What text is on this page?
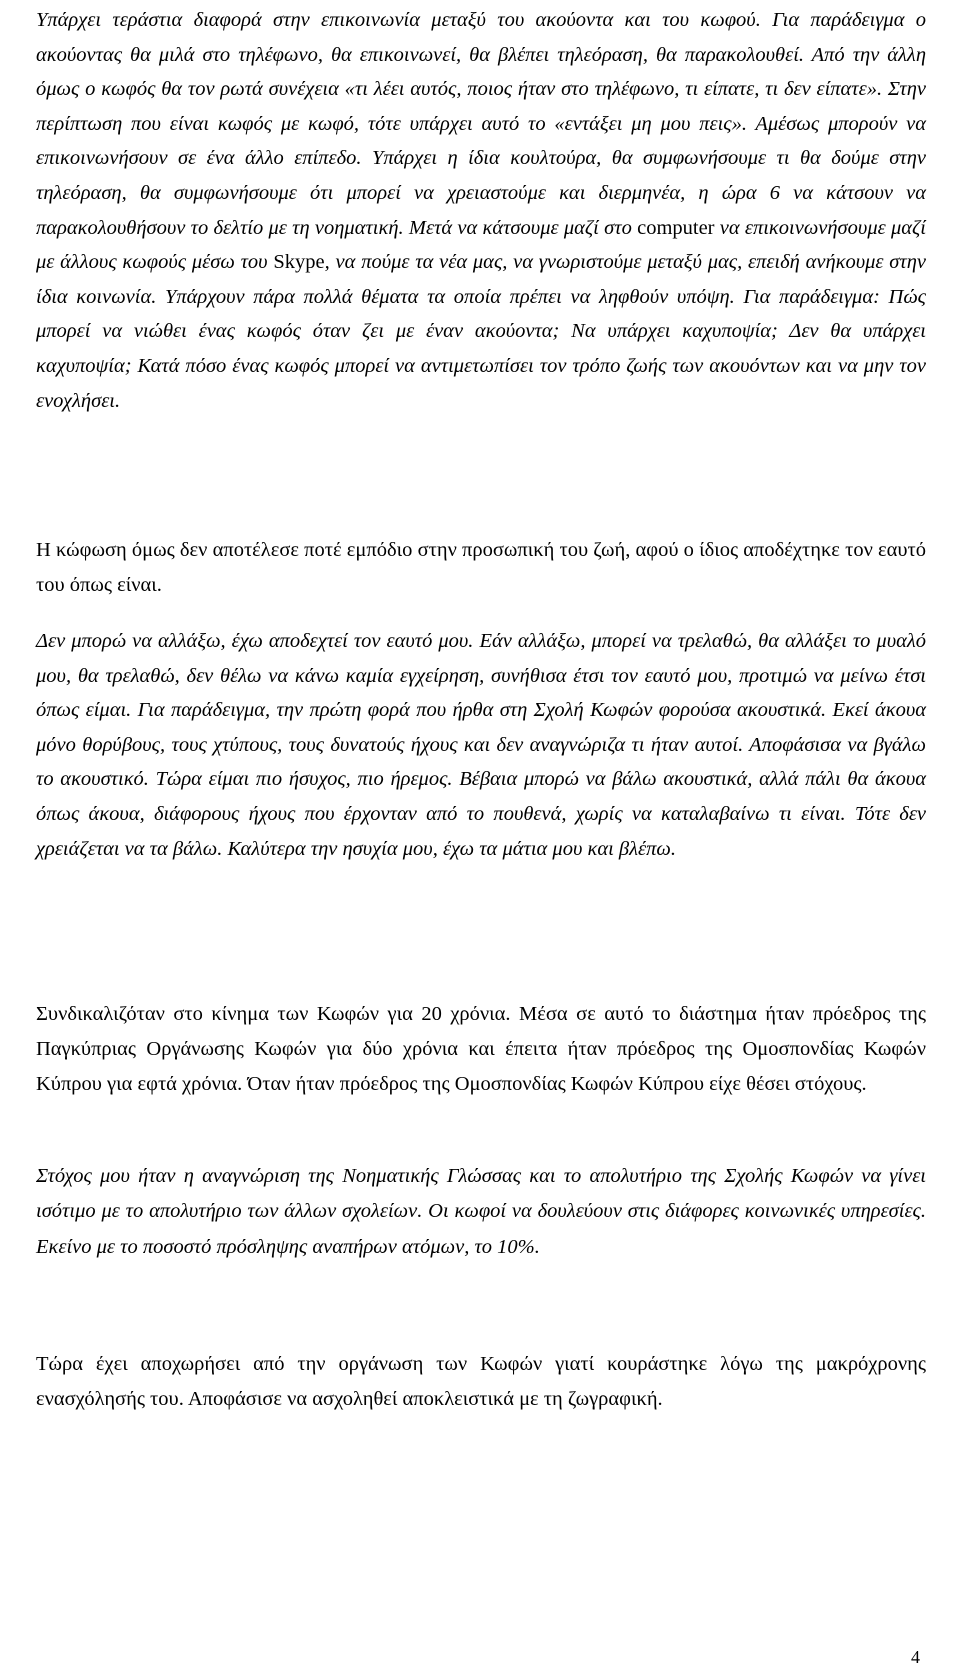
Υπάρχει τεράστια διαφορά στην επικοινωνία μεταξύ του ακούοντα και του κωφού. Για παράδειγμα ο ακούοντας θα μιλά στο τηλέφωνο, θα επικοινωνεί, θα βλέπει τηλεόραση, θα παρακολουθεί. Από την άλλη όμως ο κωφός θα τον ρωτά συνέχεια «τι λέει αυτός, ποιος ήταν στο τηλέφωνο, τι είπατε, τι δεν είπατε». Στην περίπτωση που είναι κωφός με κωφό, τότε υπάρχει αυτό το «εντάξει μη μου πεις». Αμέσως μπορούν να επικοινωνήσουν σε ένα άλλο επίπεδο. Υπάρχει η ίδια κουλτούρα, θα συμφωνήσουμε τι θα δούμε στην τηλεόραση, θα συμφωνήσουμε ότι μπορεί να χρειαστούμε και διερμηνέα, η ώρα 6 να κάτσουν να παρακολουθήσουν το δελτίο με τη νοηματική. Μετά να κάτσουμε μαζί στο computer να επικοινωνήσουμε μαζί με άλλους κωφούς μέσω του Skype, να πούμε τα νέα μας, να γνωριστούμε μεταξύ μας, επειδή ανήκουμε στην ίδια κοινωνία. Υπάρχουν πάρα πολλά θέματα τα οποία πρέπει να ληφθούν υπόψη. Για παράδειγμα: Πώς μπορεί να νιώθει ένας κωφός όταν ζει με έναν ακούοντα; Να υπάρχει καχυποψία; Δεν θα υπάρχει καχυποψία; Κατά πόσο ένας κωφός μπορεί να αντιμετωπίσει τον τρόπο ζωής των ακουόντων και να μην τον ενοχλήσει.

Η κώφωση όμως δεν αποτέλεσε ποτέ εμπόδιο στην προσωπική του ζωή, αφού ο ίδιος αποδέχτηκε τον εαυτό του όπως είναι.

Δεν μπορώ να αλλάξω, έχω αποδεχτεί τον εαυτό μου. Εάν αλλάξω, μπορεί να τρελαθώ, θα αλλάξει το μυαλό μου, θα τρελαθώ, δεν θέλω να κάνω καμία εγχείρηση, συνήθισα έτσι τον εαυτό μου, προτιμώ να μείνω έτσι όπως είμαι. Για παράδειγμα, την πρώτη φορά που ήρθα στη Σχολή Κωφών φορούσα ακουστικά. Εκεί άκουα μόνο θορύβους, τους χτύπους, τους δυνατούς ήχους και δεν αναγνώριζα τι ήταν αυτοί. Αποφάσισα να βγάλω το ακουστικό. Τώρα είμαι πιο ήσυχος, πιο ήρεμος. Βέβαια μπορώ να βάλω ακουστικά, αλλά πάλι θα άκουα όπως άκουα, διάφορους ήχους που έρχονταν από το πουθενά, χωρίς να καταλαβαίνω τι είναι. Τότε δεν χρειάζεται να τα βάλω. Καλύτερα την ησυχία μου, έχω τα μάτια μου και βλέπω.

Συνδικαλιζόταν στο κίνημα των Κωφών για 20 χρόνια. Μέσα σε αυτό το διάστημα ήταν πρόεδρος της Παγκύπριας Οργάνωσης Κωφών για δύο χρόνια και έπειτα ήταν πρόεδρος της Ομοσπονδίας Κωφών Κύπρου για εφτά χρόνια. Όταν ήταν πρόεδρος της Ομοσπονδίας Κωφών Κύπρου είχε θέσει στόχους.

Στόχος μου ήταν η αναγνώριση της Νοηματικής Γλώσσας και το απολυτήριο της Σχολής Κωφών να γίνει ισότιμο με το απολυτήριο των άλλων σχολείων. Οι κωφοί να δουλεύουν στις διάφορες κοινωνικές υπηρεσίες. Εκείνο με το ποσοστό πρόσληψης αναπήρων ατόμων, το 10%.

Τώρα έχει αποχωρήσει από την οργάνωση των Κωφών γιατί κουράστηκε λόγω της μακρόχρονης ενασχόλησής του. Αποφάσισε να ασχοληθεί αποκλειστικά με τη ζωγραφική.

4
